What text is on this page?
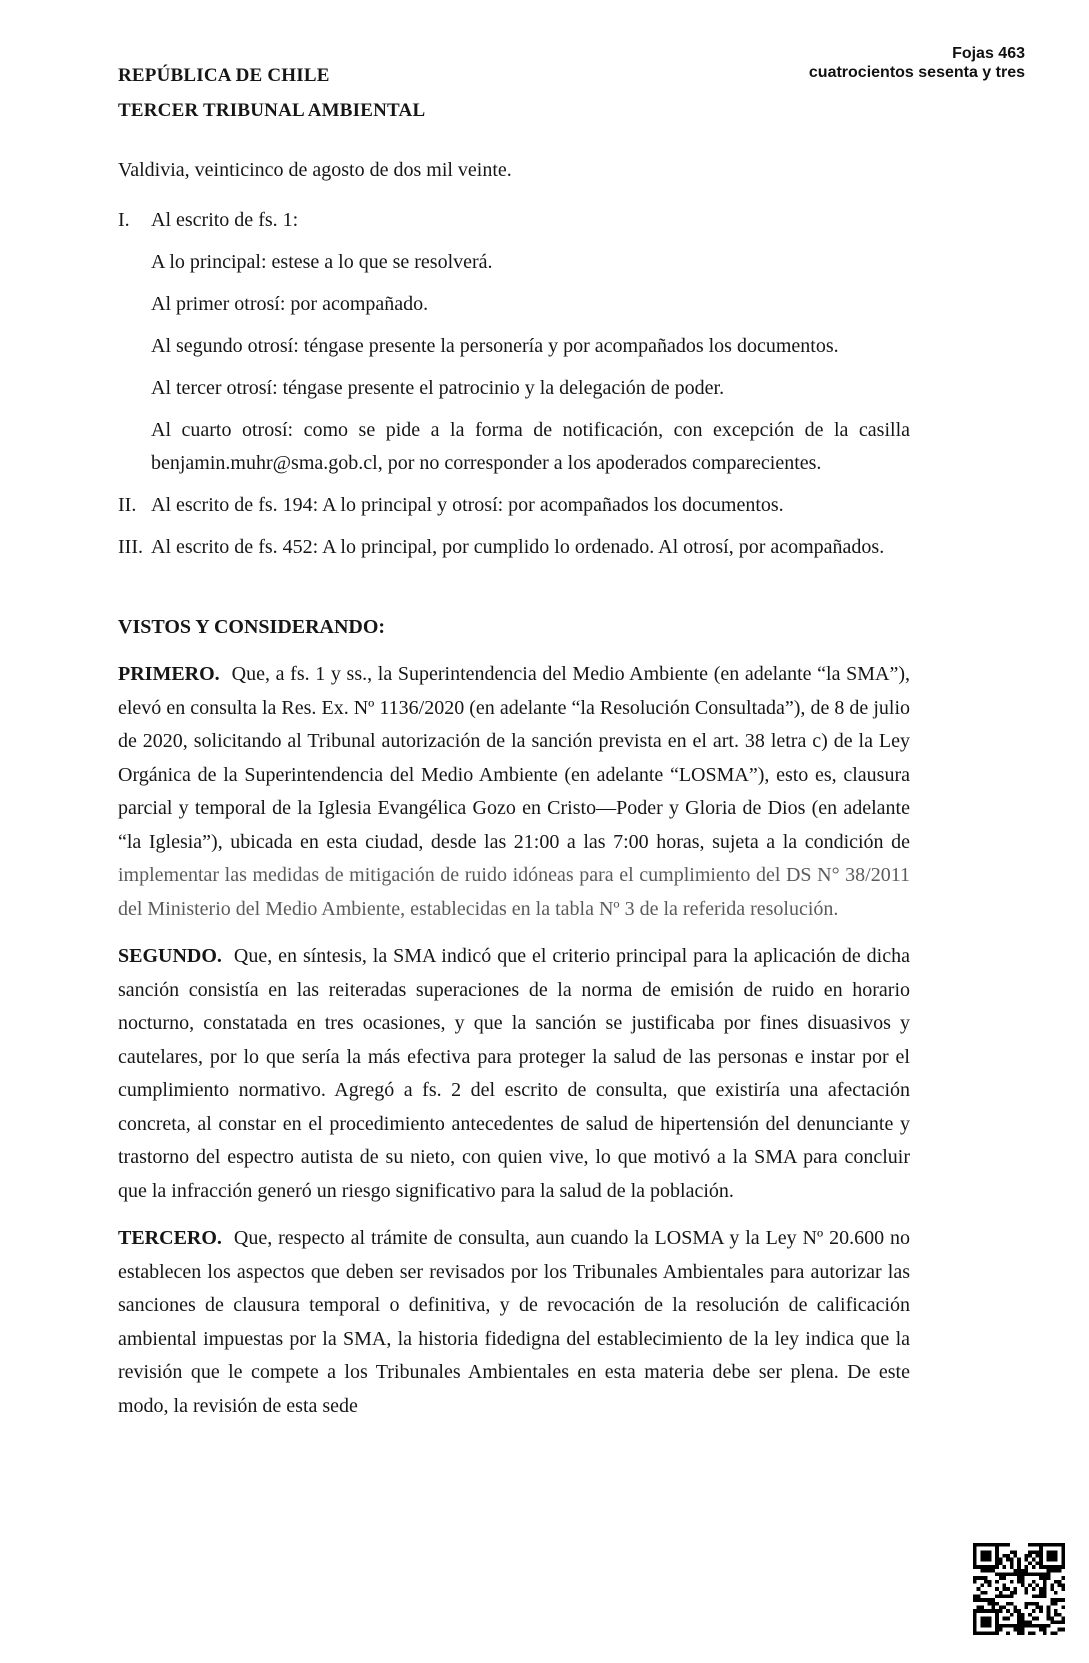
Fojas 463
cuatrocientos sesenta y tres
REPÚBLICA DE CHILE
TERCER TRIBUNAL AMBIENTAL

Valdivia, veinticinco de agosto de dos mil veinte.

I.	Al escrito de fs. 1:

A lo principal: estese a lo que se resolverá.

Al primer otrosí: por acompañado.

Al segundo otrosí: téngase presente la personería y por acompañados los documentos.

Al tercer otrosí: téngase presente el patrocinio y la delegación de poder.

Al cuarto otrosí: como se pide a la forma de notificación, con excepción de la casilla benjamin.muhr@sma.gob.cl, por no corresponder a los apoderados comparecientes.

II. Al escrito de fs. 194: A lo principal y otrosí: por acompañados los documentos.

III. Al escrito de fs. 452: A lo principal, por cumplido lo ordenado. Al otrosí, por acompañados.

VISTOS Y CONSIDERANDO:

PRIMERO. Que, a fs. 1 y ss., la Superintendencia del Medio Ambiente (en adelante “la SMA”), elevó en consulta la Res. Ex. Nº 1136/2020 (en adelante “la Resolución Consultada”), de 8 de julio de 2020, solicitando al Tribunal autorización de la sanción prevista en el art. 38 letra c) de la Ley Orgánica de la Superintendencia del Medio Ambiente (en adelante “LOSMA”), esto es, clausura parcial y temporal de la Iglesia Evangélica Gozo en Cristo—Poder y Gloria de Dios (en adelante “la Iglesia”), ubicada en esta ciudad, desde las 21:00 a las 7:00 horas, sujeta a la condición de implementar las medidas de mitigación de ruido idóneas para el cumplimiento del DS N° 38/2011 del Ministerio del Medio Ambiente, establecidas en la tabla Nº 3 de la referida resolución.

SEGUNDO. Que, en síntesis, la SMA indicó que el criterio principal para la aplicación de dicha sanción consistía en las reiteradas superaciones de la norma de emisión de ruido en horario nocturno, constatada en tres ocasiones, y que la sanción se justificaba por fines disuasivos y cautelares, por lo que sería la más efectiva para proteger la salud de las personas e instar por el cumplimiento normativo. Agregó a fs. 2 del escrito de consulta, que existiría una afectación concreta, al constar en el procedimiento antecedentes de salud de hipertensión del denunciante y trastorno del espectro autista de su nieto, con quien vive, lo que motivó a la SMA para concluir que la infracción generó un riesgo significativo para la salud de la población.

TERCERO. Que, respecto al trámite de consulta, aun cuando la LOSMA y la Ley Nº 20.600 no establecen los aspectos que deben ser revisados por los Tribunales Ambientales para autorizar las sanciones de clausura temporal o definitiva, y de revocación de la resolución de calificación ambiental impuestas por la SMA, la historia fidedigna del establecimiento de la ley indica que la revisión que le compete a los Tribunales Ambientales en esta materia debe ser plena. De este modo, la revisión de esta sede
